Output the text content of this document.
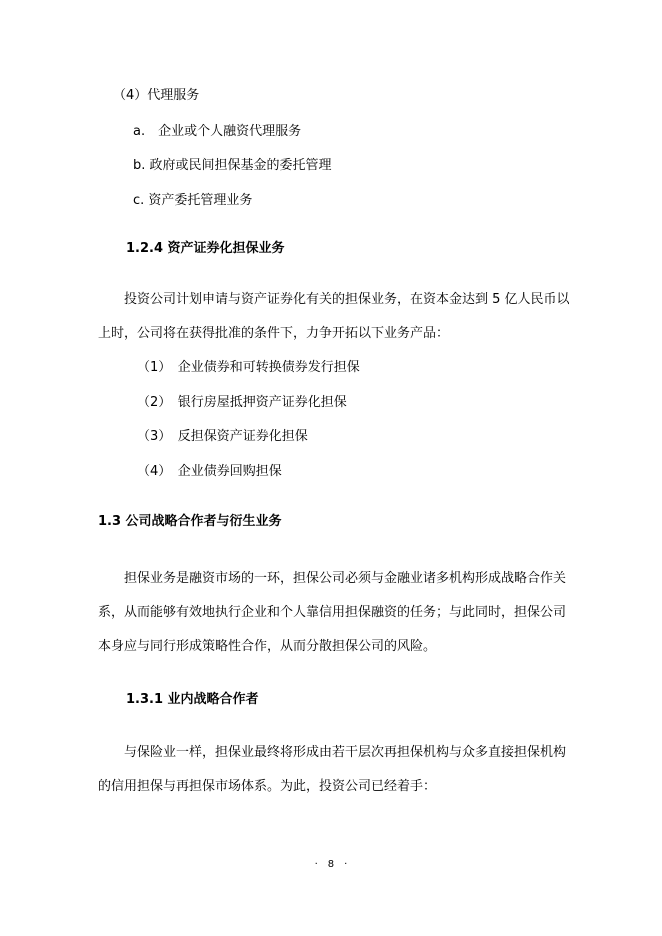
（4）代理服务
a.　企业或个人融资代理服务
b. 政府或民间担保基金的委托管理
c. 资产委托管理业务
1.2.4 资产证券化担保业务

投资公司计划申请与资产证券化有关的担保业务，在资本金达到 5 亿人民币以上时，公司将在获得批准的条件下，力争开拓以下业务产品：

（1）　企业债券和可转换债券发行担保
（2）　银行房屋抵押资产证券化担保
（3）　反担保资产证券化担保
（4）　企业债券回购担保
1.3 公司战略合作者与衍生业务

担保业务是融资市场的一环，担保公司必须与金融业诸多机构形成战略合作关系，从而能够有效地执行企业和个人靠信用担保融资的任务；与此同时，担保公司本身应与同行形成策略性合作，从而分散担保公司的风险。

1.3.1 业内战略合作者

与保险业一样，担保业最终将形成由若干层次再担保机构与众多直接担保机构的信用担保与再担保市场体系。为此，投资公司已经着手：

·　8　·
